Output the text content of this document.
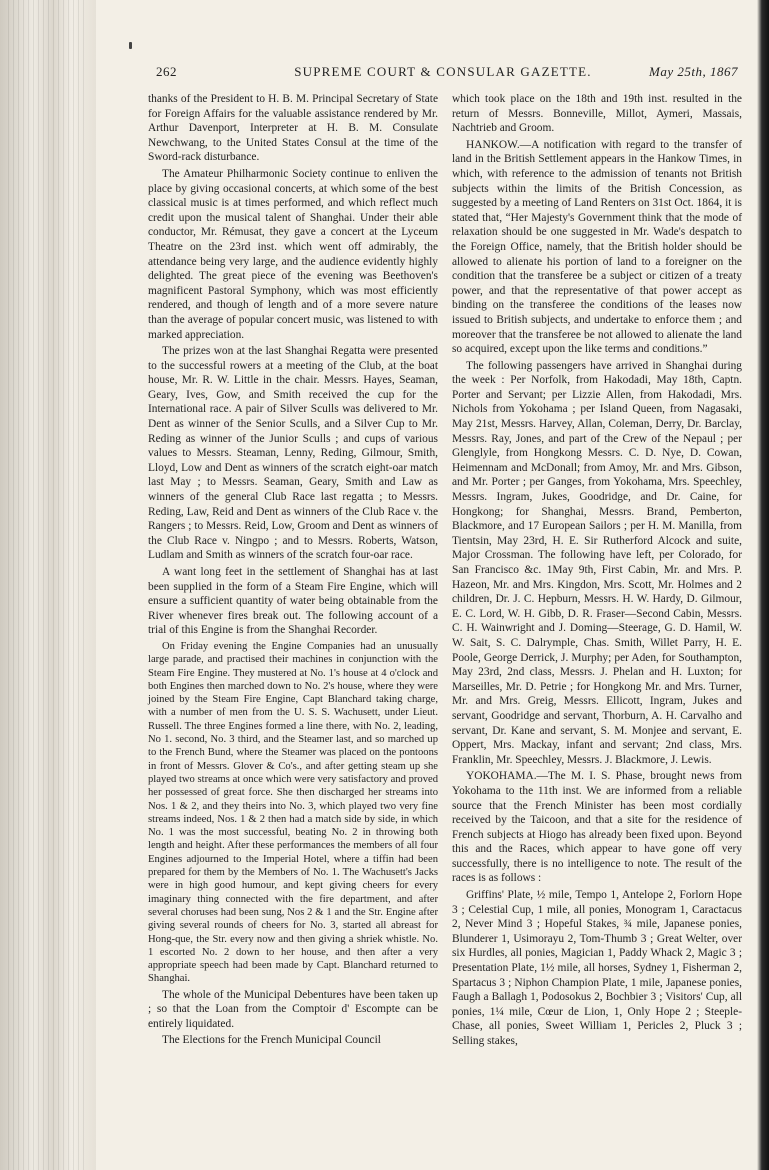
262	SUPREME COURT & CONSULAR GAZETTE.	May 25th, 1867

thanks of the President to H. B. M. Principal Secretary of State for Foreign Affairs for the valuable assistance rendered by Mr. Arthur Davenport, Interpreter at H. B. M. Consulate Newchwang, to the United States Consul at the time of the Sword-rack disturbance.

The Amateur Philharmonic Society continue to enliven the place by giving occasional concerts, at which some of the best classical music is at times performed, and which reflect much credit upon the musical talent of Shanghai. Under their able conductor, Mr. Rémusat, they gave a concert at the Lyceum Theatre on the 23rd inst. which went off admirably, the attendance being very large, and the audience evidently highly delighted. The great piece of the evening was Beethoven's magnificent Pastoral Symphony, which was most efficiently rendered, and though of length and of a more severe nature than the average of popular concert music, was listened to with marked appreciation.

The prizes won at the last Shanghai Regatta were presented to the successful rowers at a meeting of the Club, at the boat house, Mr. R. W. Little in the chair. Messrs. Hayes, Seaman, Geary, Ives, Gow, and Smith received the cup for the International race. A pair of Silver Sculls was delivered to Mr. Dent as winner of the Senior Sculls, and a Silver Cup to Mr. Reding as winner of the Junior Sculls ; and cups of various values to Messrs. Steaman, Lenny, Reding, Gilmour, Smith, Lloyd, Low and Dent as winners of the scratch eight-oar match last May ; to Messrs. Seaman, Geary, Smith and Law as winners of the general Club Race last regatta ; to Messrs. Reding, Law, Reid and Dent as winners of the Club Race v. the Rangers ; to Messrs. Reid, Low, Groom and Dent as winners of the Club Race v. Ningpo ; and to Messrs. Roberts, Watson, Ludlam and Smith as winners of the scratch four-oar race.

A want long feet in the settlement of Shanghai has at last been supplied in the form of a Steam Fire Engine, which will ensure a sufficient quantity of water being obtainable from the River whenever fires break out. The following account of a trial of this Engine is from the Shanghai Recorder.

On Friday evening the Engine Companies had an unusually large parade, and practised their machines in conjunction with the Steam Fire Engine. They mustered at No. 1's house at 4 o'clock and both Engines then marched down to No. 2's house, where they were joined by the Steam Fire Engine, Capt Blanchard taking charge, with a number of men from the U. S. S. Wachusett, under Lieut. Russell. The three Engines formed a line there, with No. 2, leading, No 1. second, No. 3 third, and the Steamer last, and so marched up to the French Bund, where the Steamer was placed on the pontoons in front of Messrs. Glover & Co's., and after getting steam up she played two streams at once which were very satisfactory and proved her possessed of great force. She then discharged her streams into Nos. 1 & 2, and they theirs into No. 3, which played two very fine streams indeed, Nos. 1 & 2 then had a match side by side, in which No. 1 was the most successful, beating No. 2 in throwing both length and height. After these performances the members of all four Engines adjourned to the Imperial Hotel, where a tiffin had been prepared for them by the Members of No. 1. The Wachusett's Jacks were in high good humour, and kept giving cheers for every imaginary thing connected with the fire department, and after several choruses had been sung, Nos 2 & 1 and the Str. Engine after giving several rounds of cheers for No. 3, started all abreast for Hong-que, the Str. every now and then giving a shriek whistle. No. 1 escorted No. 2 down to her house, and then after a very appropriate speech had been made by Capt. Blanchard returned to Shanghai.

The whole of the Municipal Debentures have been taken up ; so that the Loan from the Comptoir d' Escompte can be entirely liquidated.

The Elections for the French Municipal Council

which took place on the 18th and 19th inst. resulted in the return of Messrs. Bonneville, Millot, Aymeri, Massais, Nachtrieb and Groom.

HANKOW.—A notification with regard to the transfer of land in the British Settlement appears in the Hankow Times, in which, with reference to the admission of tenants not British subjects within the limits of the British Concession, as suggested by a meeting of Land Renters on 31st Oct. 1864, it is stated that, “Her Majesty's Government think that the mode of relaxation should be one suggested in Mr. Wade's despatch to the Foreign Office, namely, that the British holder should be allowed to alienate his portion of land to a foreigner on the condition that the transferee be a subject or citizen of a treaty power, and that the representative of that power accept as binding on the transferee the conditions of the leases now issued to British subjects, and undertake to enforce them ; and moreover that the transferee be not allowed to alienate the land so acquired, except upon the like terms and conditions.”

The following passengers have arrived in Shanghai during the week : Per Norfolk, from Hakodadi, May 18th, Captn. Porter and Servant; per Lizzie Allen, from Hakodadi, Mrs. Nichols from Yokohama ; per Island Queen, from Nagasaki, May 21st, Messrs. Harvey, Allan, Coleman, Derry, Dr. Barclay, Messrs. Ray, Jones, and part of the Crew of the Nepaul ; per Glenglyle, from Hongkong Messrs. C. D. Nye, D. Cowan, Heimennam and McDonall; from Amoy, Mr. and Mrs. Gibson, and Mr. Porter ; per Ganges, from Yokohama, Mrs. Speechley, Messrs. Ingram, Jukes, Goodridge, and Dr. Caine, for Hongkong; for Shanghai, Messrs. Brand, Pemberton, Blackmore, and 17 European Sailors ; per H. M. Manilla, from Tientsin, May 23rd, H. E. Sir Rutherford Alcock and suite, Major Crossman. The following have left, per Colorado, for San Francisco &c. 1May 9th, First Cabin, Mr. and Mrs. P. Hazeon, Mr. and Mrs. Kingdon, Mrs. Scott, Mr. Holmes and 2 children, Dr. J. C. Hepburn, Messrs. H. W. Hardy, D. Gilmour, E. C. Lord, W. H. Gibb, D. R. Fraser—Second Cabin, Messrs. C. H. Wainwright and J. Doming—Steerage, G. D. Hamil, W. W. Sait, S. C. Dalrymple, Chas. Smith, Willet Parry, H. E. Poole, George Derrick, J. Murphy; per Aden, for Southampton, May 23rd, 2nd class, Messrs. J. Phelan and H. Luxton; for Marseilles, Mr. D. Petrie ; for Hongkong Mr. and Mrs. Turner, Mr. and Mrs. Greig, Messrs. Ellicott, Ingram, Jukes and servant, Goodridge and servant, Thorburn, A. H. Carvalho and servant, Dr. Kane and servant, S. M. Monjee and servant, E. Oppert, Mrs. Mackay, infant and servant; 2nd class, Mrs. Franklin, Mr. Speechley, Messrs. J. Blackmore, J. Lewis.

YOKOHAMA.—The M. I. S. Phase, brought news from Yokohama to the 11th inst. We are informed from a reliable source that the French Minister has been most cordially received by the Taicoon, and that a site for the residence of French subjects at Hiogo has already been fixed upon. Beyond this and the Races, which appear to have gone off very successfully, there is no intelligence to note. The result of the races is as follows :

Griffins' Plate, ½ mile, Tempo 1, Antelope 2, Forlorn Hope 3 ; Celestial Cup, 1 mile, all ponies, Monogram 1, Caractacus 2, Never Mind 3 ; Hopeful Stakes, ¾ mile, Japanese ponies, Blunderer 1, Usimorayu 2, Tom-Thumb 3 ; Great Welter, over six Hurdles, all ponies, Magician 1, Paddy Whack 2, Magic 3 ; Presentation Plate, 1½ mile, all horses, Sydney 1, Fisherman 2, Spartacus 3 ; Niphon Champion Plate, 1 mile, Japanese ponies, Faugh a Ballagh 1, Podosokus 2, Bochbier 3 ; Visitors' Cup, all ponies, 1¼ mile, Cœur de Lion, 1, Only Hope 2 ; Steeple-Chase, all ponies, Sweet William 1, Pericles 2, Pluck 3 ; Selling stakes,
